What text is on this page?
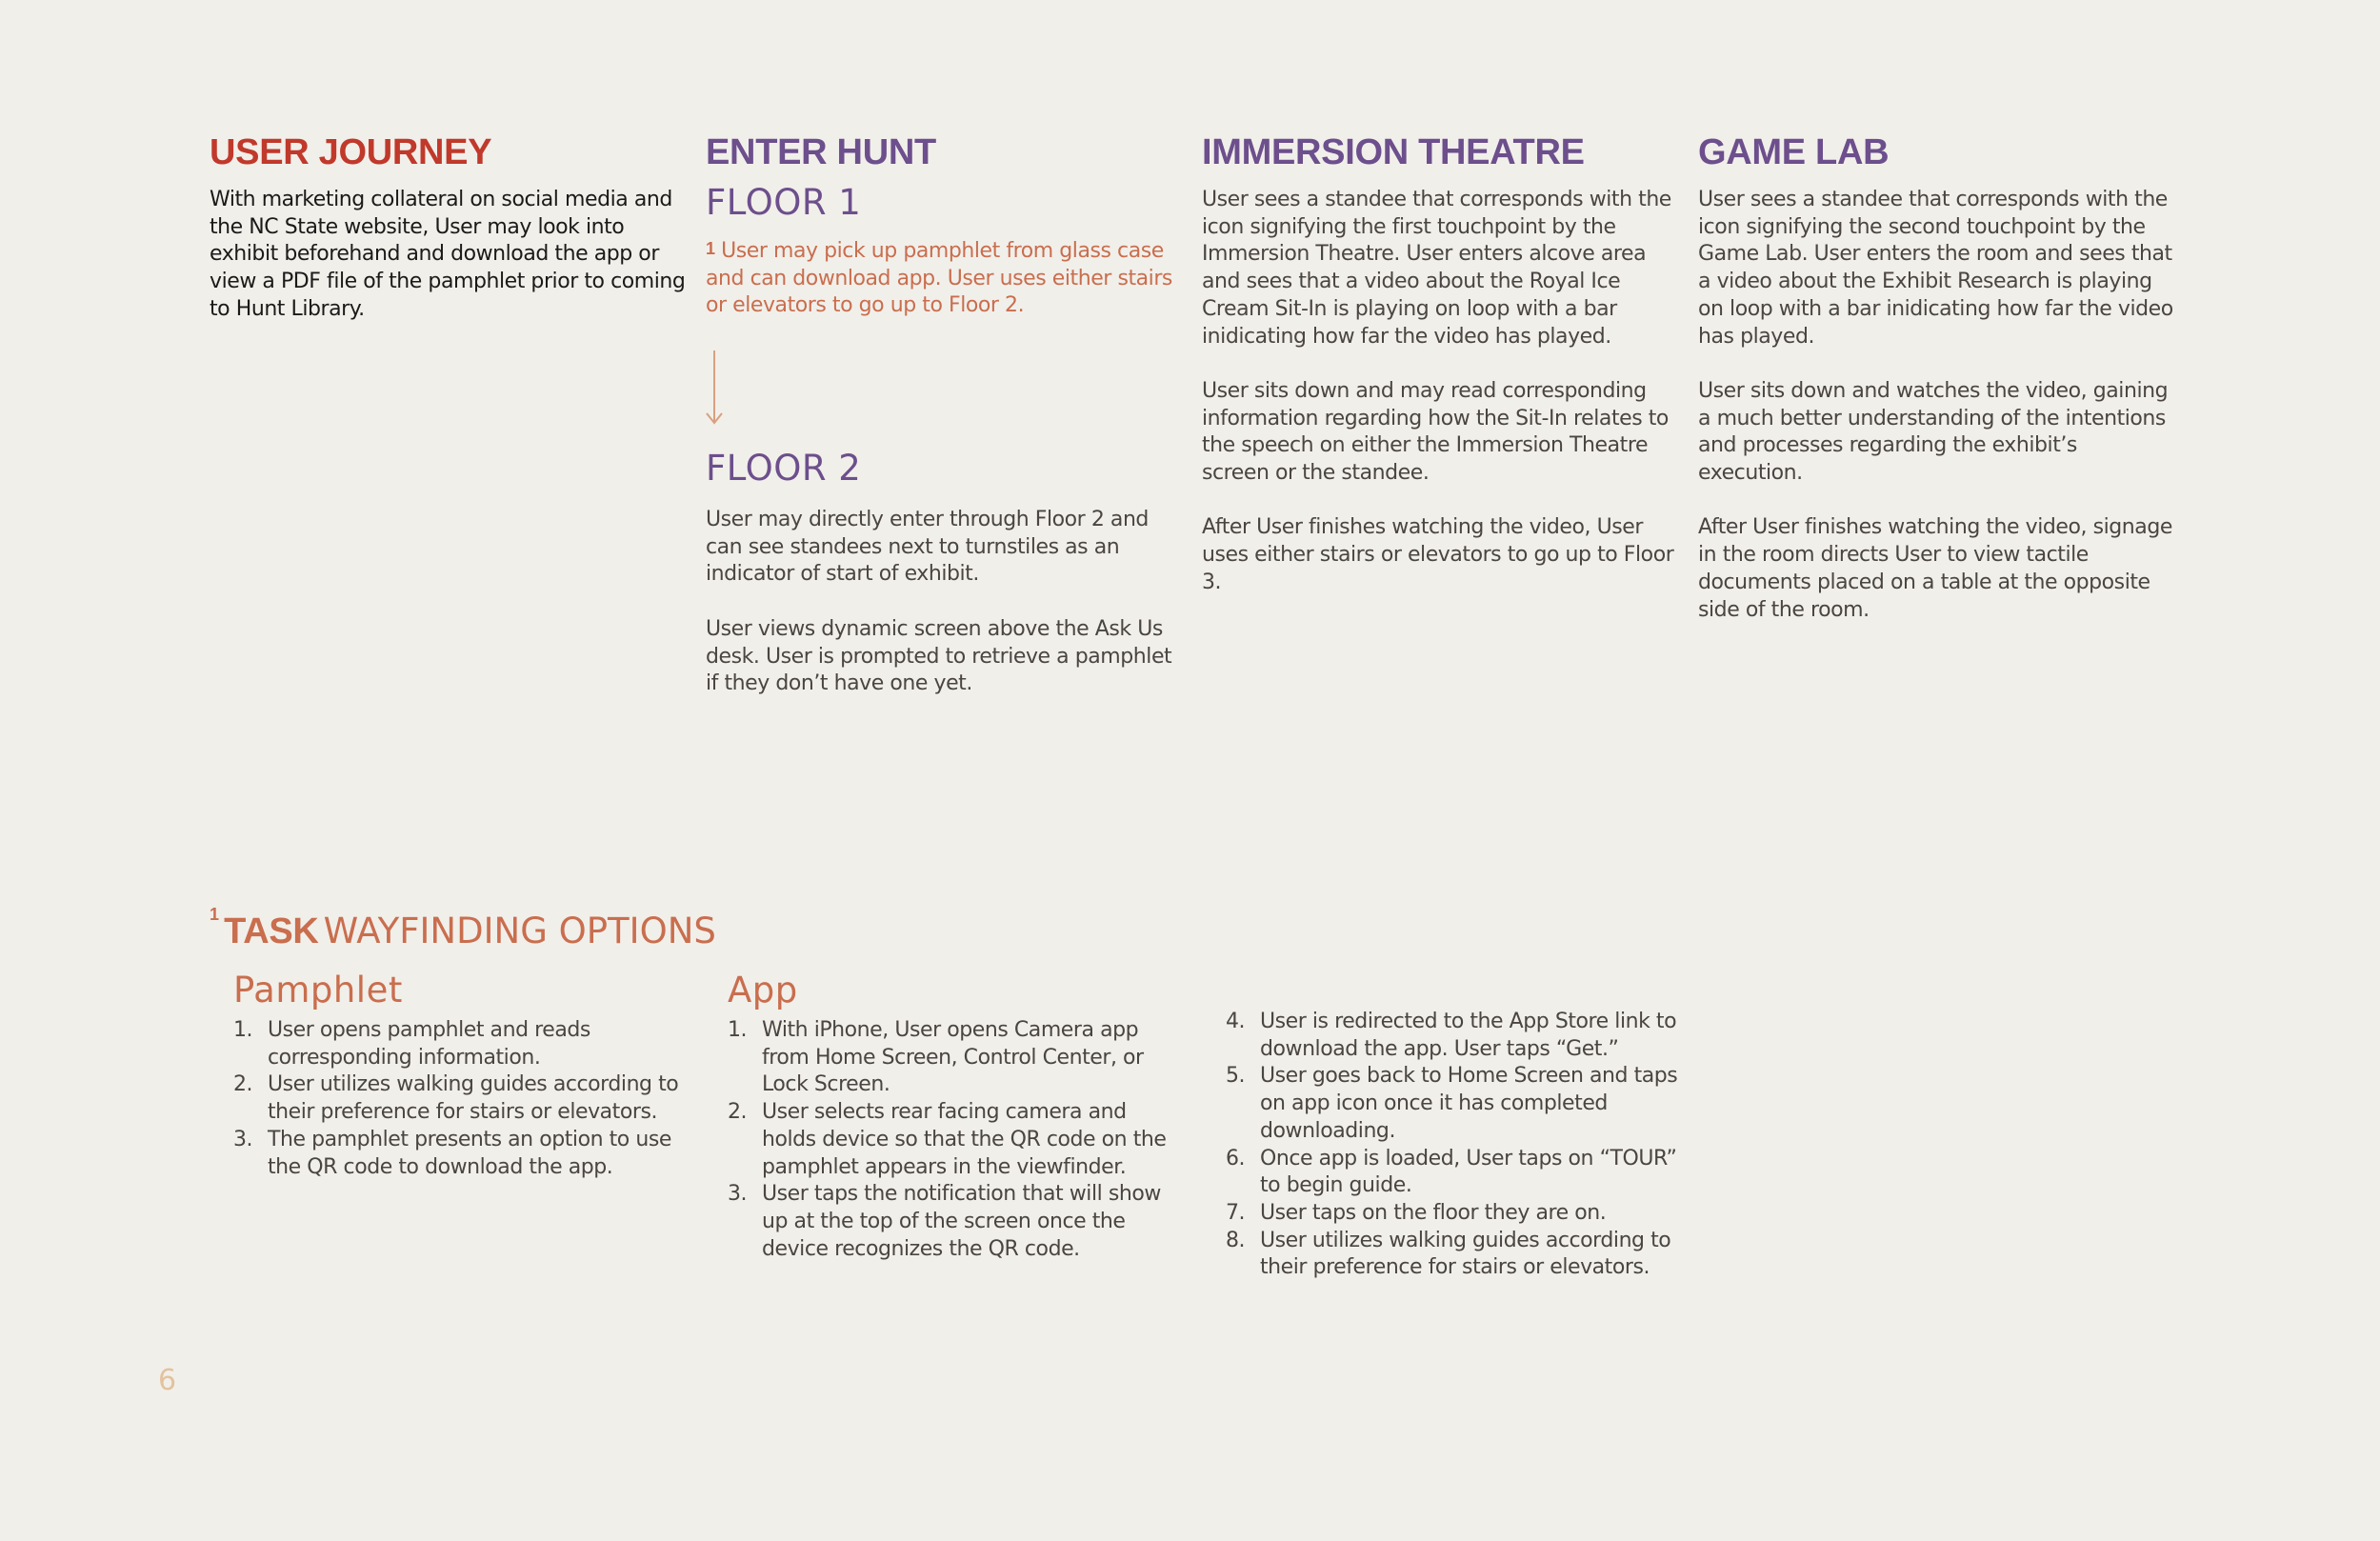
USER JOURNEY

With marketing collateral on social media and the NC State website, User may look into exhibit beforehand and download the app or view a PDF file of the pamphlet prior to coming to Hunt Library.

ENTER HUNT
FLOOR 1

$^1$ User may pick up pamphlet from glass case and can download app. User uses either stairs or elevators to go up to Floor 2.

FLOOR 2

User may directly enter through Floor 2 and can see standees next to turnstiles as an indicator of start of exhibit.

User views dynamic screen above the Ask Us desk. User is prompted to retrieve a pamphlet if they don’t have one yet.

IMMERSION THEATRE

User sees a standee that corresponds with the icon signifying the first touchpoint by the Immersion Theatre. User enters alcove area and sees that a video about the Royal Ice Cream Sit-In is playing on loop with a bar inidicating how far the video has played.

User sits down and may read corresponding information regarding how the Sit-In relates to the speech on either the Immersion Theatre screen or the standee.

After User finishes watching the video, User uses either stairs or elevators to go up to Floor 3.

GAME LAB

User sees a standee that corresponds with the icon signifying the second touchpoint by the Game Lab. User enters the room and sees that a video about the Exhibit Research is playing on loop with a bar inidicating how far the video has played.

User sits down and watches the video, gaining a much better understanding of the intentions and processes regarding the exhibit’s execution.

After User finishes watching the video, signage in the room directs User to view tactile documents placed on a table at the opposite side of the room.

1 TASK WAYFINDING OPTIONS
Pamphlet
1. User opens pamphlet and reads corresponding information.
2. User utilizes walking guides according to their preference for stairs or elevators.
3. The pamphlet presents an option to use the QR code to download the app.
App
1. With iPhone, User opens Camera app from Home Screen, Control Center, or Lock Screen.
2. User selects rear facing camera and holds device so that the QR code on the pamphlet appears in the viewfinder.
3. User taps the notification that will show up at the top of the screen once the device recognizes the QR code.
4. User is redirected to the App Store link to download the app. User taps “Get.”
5. User goes back to Home Screen and taps on app icon once it has completed downloading.
6. Once app is loaded, User taps on “TOUR” to begin guide.
7. User taps on the floor they are on.
8. User utilizes walking guides according to their preference for stairs or elevators.
6
